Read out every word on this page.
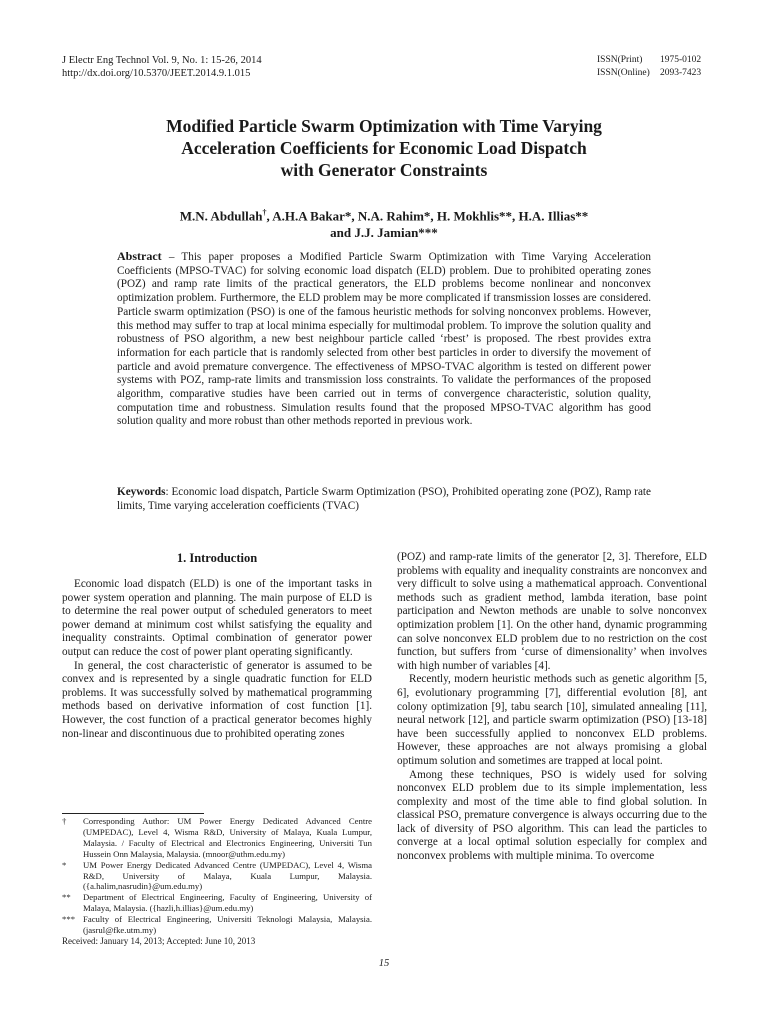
J Electr Eng Technol Vol. 9, No. 1: 15-26, 2014
http://dx.doi.org/10.5370/JEET.2014.9.1.015
ISSN(Print) 1975-0102
ISSN(Online) 2093-7423
Modified Particle Swarm Optimization with Time Varying
Acceleration Coefficients for Economic Load Dispatch
with Generator Constraints
M.N. Abdullah†, A.H.A Bakar*, N.A. Rahim*, H. Mokhlis**, H.A. Illias**
and J.J. Jamian***
Abstract – This paper proposes a Modified Particle Swarm Optimization with Time Varying Acceleration Coefficients (MPSO-TVAC) for solving economic load dispatch (ELD) problem. Due to prohibited operating zones (POZ) and ramp rate limits of the practical generators, the ELD problems become nonlinear and nonconvex optimization problem. Furthermore, the ELD problem may be more complicated if transmission losses are considered. Particle swarm optimization (PSO) is one of the famous heuristic methods for solving nonconvex problems. However, this method may suffer to trap at local minima especially for multimodal problem. To improve the solution quality and robustness of PSO algorithm, a new best neighbour particle called ‘rbest’ is proposed. The rbest provides extra information for each particle that is randomly selected from other best particles in order to diversify the movement of particle and avoid premature convergence. The effectiveness of MPSO-TVAC algorithm is tested on different power systems with POZ, ramp-rate limits and transmission loss constraints. To validate the performances of the proposed algorithm, comparative studies have been carried out in terms of convergence characteristic, solution quality, computation time and robustness. Simulation results found that the proposed MPSO-TVAC algorithm has good solution quality and more robust than other methods reported in previous work.
Keywords: Economic load dispatch, Particle Swarm Optimization (PSO), Prohibited operating zone (POZ), Ramp rate limits, Time varying acceleration coefficients (TVAC)
1. Introduction

Economic load dispatch (ELD) is one of the important tasks in power system operation and planning. The main purpose of ELD is to determine the real power output of scheduled generators to meet power demand at minimum cost whilst satisfying the equality and inequality constraints. Optimal combination of generator power output can reduce the cost of power plant operating significantly.

In general, the cost characteristic of generator is assumed to be convex and is represented by a single quadratic function for ELD problems. It was successfully solved by mathematical programming methods based on derivative information of cost function [1]. However, the cost function of a practical generator becomes highly non-linear and discontinuous due to prohibited operating zones

(POZ) and ramp-rate limits of the generator [2, 3]. Therefore, ELD problems with equality and inequality constraints are nonconvex and very difficult to solve using a mathematical approach. Conventional methods such as gradient method, lambda iteration, base point participation and Newton methods are unable to solve nonconvex optimization problem [1]. On the other hand, dynamic programming can solve nonconvex ELD problem due to no restriction on the cost function, but suffers from ‘curse of dimensionality’ when involves with high number of variables [4].

Recently, modern heuristic methods such as genetic algorithm [5, 6], evolutionary programming [7], differential evolution [8], ant colony optimization [9], tabu search [10], simulated annealing [11], neural network [12], and particle swarm optimization (PSO) [13-18] have been successfully applied to nonconvex ELD problems. However, these approaches are not always promising a global optimum solution and sometimes are trapped at local point.

Among these techniques, PSO is widely used for solving nonconvex ELD problem due to its simple implementation, less complexity and most of the time able to find global solution. In classical PSO, premature convergence is always occurring due to the lack of diversity of PSO algorithm. This can lead the particles to converge at a local optimal solution especially for complex and nonconvex problems with multiple minima. To overcome

†	Corresponding Author: UM Power Energy Dedicated Advanced Centre (UMPEDAC), Level 4, Wisma R&D, University of Malaya, Kuala Lumpur, Malaysia. / Faculty of Electrical and Electronics Engineering, Universiti Tun Hussein Onn Malaysia, Malaysia. (mnoor@uthm.edu.my)
*	UM Power Energy Dedicated Advanced Centre (UMPEDAC), Level 4, Wisma R&D, University of Malaya, Kuala Lumpur, Malaysia. ({a.halim,nasrudin}@um.edu.my)
**	Department of Electrical Engineering, Faculty of Engineering, University of Malaya, Malaysia. ({hazli,h.illias}@um.edu.my)
*** Faculty of Electrical Engineering, Universiti Teknologi Malaysia, Malaysia. (jasrul@fke.utm.my)
Received: January 14, 2013; Accepted: June 10, 2013
15
